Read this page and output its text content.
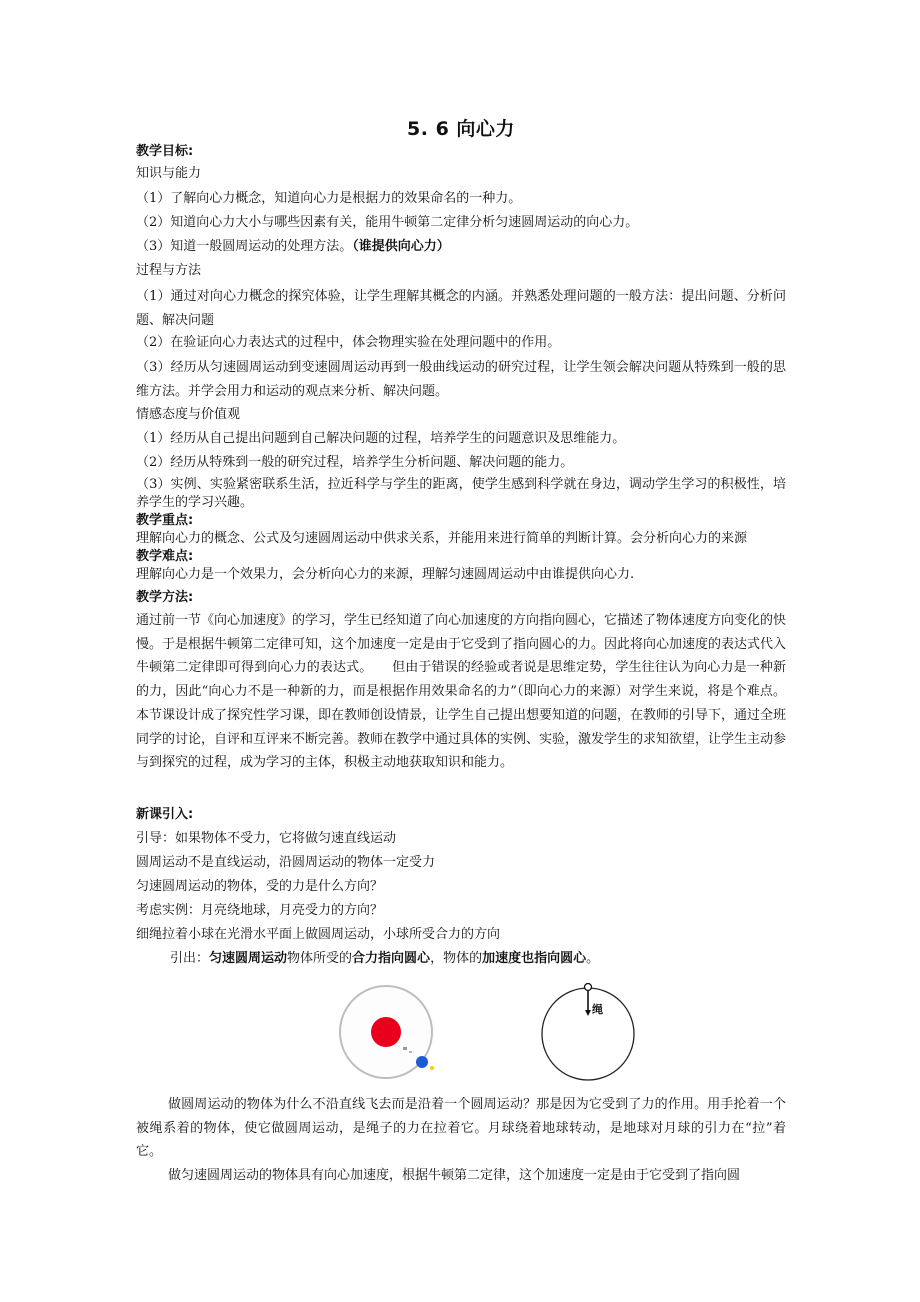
5. 6 向心力
教学目标:
知识与能力
（1）了解向心力概念，知道向心力是根据力的效果命名的一种力。
（2）知道向心力大小与哪些因素有关，能用牛顿第二定律分析匀速圆周运动的向心力。
（3）知道一般圆周运动的处理方法。（谁提供向心力）
过程与方法
（1）通过对向心力概念的探究体验，让学生理解其概念的内涵。并熟悉处理问题的一般方法：提出问题、分析问题、解决问题
（2）在验证向心力表达式的过程中，体会物理实验在处理问题中的作用。
（3）经历从匀速圆周运动到变速圆周运动再到一般曲线运动的研究过程，让学生领会解决问题从特殊到一般的思维方法。并学会用力和运动的观点来分析、解决问题。
情感态度与价值观
（1）经历从自己提出问题到自己解决问题的过程，培养学生的问题意识及思维能力。
（2）经历从特殊到一般的研究过程，培养学生分析问题、解决问题的能力。
（3）实例、实验紧密联系生活，拉近科学与学生的距离，使学生感到科学就在身边，调动学生学习的积极性，培养学生的学习兴趣。
教学重点:
理解向心力的概念、公式及匀速圆周运动中供求关系，并能用来进行简单的判断计算。会分析向心力的来源
教学难点:
理解向心力是一个效果力，会分析向心力的来源，理解匀速圆周运动中由谁提供向心力.
教学方法:
通过前一节《向心加速度》的学习，学生已经知道了向心加速度的方向指向圆心，它描述了物体速度方向变化的快慢。于是根据牛顿第二定律可知，这个加速度一定是由于它受到了指向圆心的力。因此将向心加速度的表达式代入牛顿第二定律即可得到向心力的表达式。　　但由于错误的经验或者说是思维定势，学生往往认为向心力是一种新的力，因此“向心力不是一种新的力，而是根据作用效果命名的力”（即向心力的来源）对学生来说，将是个难点。本节课设计成了探究性学习课，即在教师创设情景，让学生自己提出想要知道的问题，在教师的引导下，通过全班同学的讨论，自评和互评来不断完善。教师在教学中通过具体的实例、实验，激发学生的求知欲望，让学生主动参与到探究的过程，成为学习的主体，积极主动地获取知识和能力。
新课引入:
引导：如果物体不受力，它将做匀速直线运动
圆周运动不是直线运动，沿圆周运动的物体一定受力
匀速圆周运动的物体，受的力是什么方向？
考虑实例：月亮绕地球，月亮受力的方向？
细绳拉着小球在光滑水平面上做圆周运动，小球所受合力的方向
引出：匀速圆周运动物体所受的合力指向圆心，物体的加速度也指向圆心。
做圆周运动的物体为什么不沿直线飞去而是沿着一个圆周运动？那是因为它受到了力的作用。用手抡着一个被绳系着的物体，使它做圆周运动，是绳子的力在拉着它。月球绕着地球转动，是地球对月球的引力在“拉”着它。
做匀速圆周运动的物体具有向心加速度，根据牛顿第二定律，这个加速度一定是由于它受到了指向圆
绳
